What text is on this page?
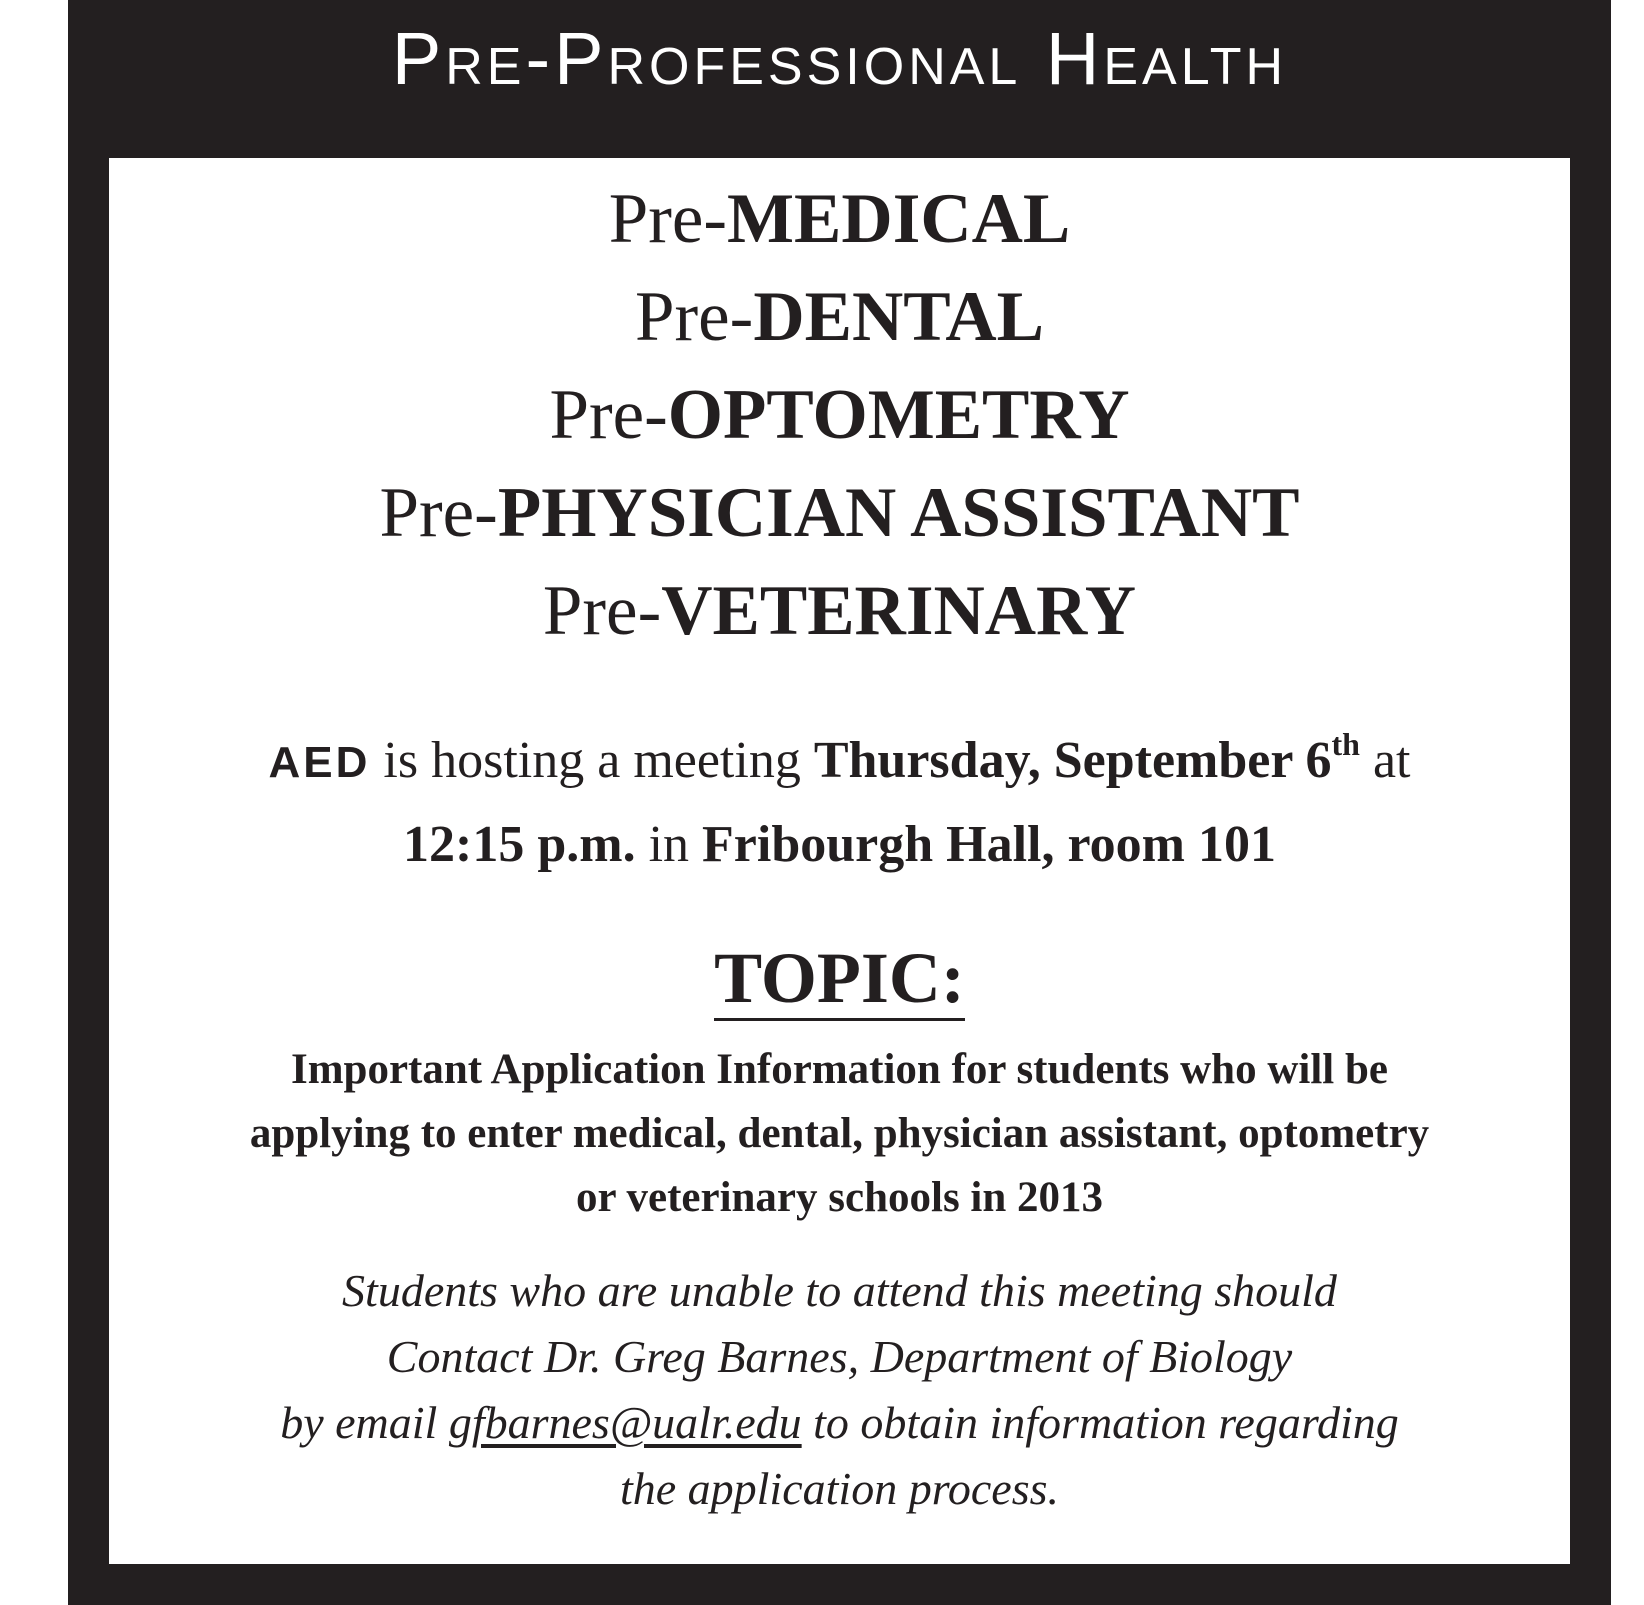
Pre-Professional Health
Pre-MEDICAL
Pre-DENTAL
Pre-OPTOMETRY
Pre-PHYSICIAN ASSISTANT
Pre-VETERINARY
AED is hosting a meeting Thursday, September 6th at
12:15 p.m. in Fribourgh Hall, room 101
TOPIC:
Important Application Information for students who will be
applying to enter medical, dental, physician assistant, optometry
or veterinary schools in 2013
Students who are unable to attend this meeting should
Contact Dr. Greg Barnes, Department of Biology
by email gfbarnes@ualr.edu to obtain information regarding
the application process.
